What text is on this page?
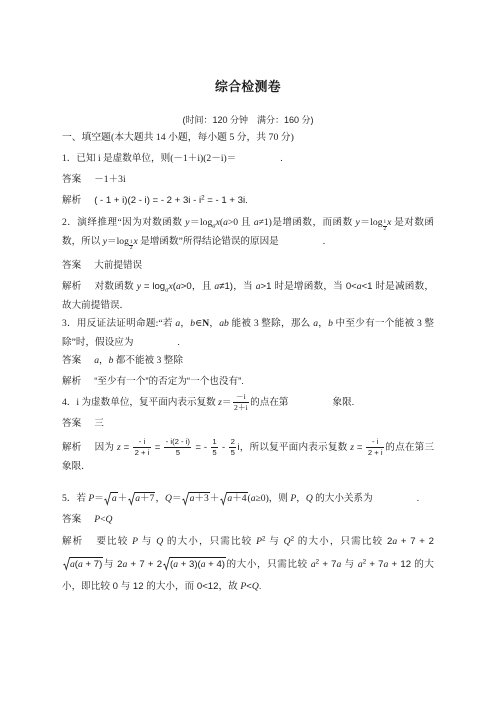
综合检测卷
(时间：120 分钟　满分：160 分)

一、填空题(本大题共 14 小题，每小题 5 分，共 70 分)

1．已知 i 是虚数单位，则(－1＋i)(2－i)＝	.

答案 －1＋3i

解析 ( - 1 + i)(2 - i) = - $2 + 3i - i^2$ = - 1 + 3i.

2．演绎推理“因为对数函数 $y=\log_ax(a>0$ 且 a≠1)是增函数，而函数 $y=\log \frac{1}{2}$ x 是对数函数，所以 $y=\log \frac{1}{2}$ x 是增函数”所得结论错误的原因是	.

答案 大前提错误

解析 对数函数 $y = \log_ax(a>0$，且 a≠1)，当 a>1 时是增函数，当 0<a<1 时是减函数，故大前提错误．

3．用反证法证明命题:“若 a，b∈N，ab 能被 3 整除，那么 a，b 中至少有一个能被 3 整除”时，假设应为	.

答案 a，b 都不能被 3 整除

解析 “至少有一个”的否定为“一个也没有”.

4．i 为虚数单位，复平面内表示复数 $z= \frac{-i}{2+i}$ 的点在第	象限.

答案 三

解析 因为 $z = \frac{- i}{2 + i} = \frac{- i(2 - i)}{5}$ = - $\frac{1}{5} - \frac{2}{5}$ i，所以复平面内表示复数 $z = \frac{- i}{2 + i}$ 的点在第三象限．

5．若 P＝ a＋ a＋7，Q＝ a＋3＋ a＋4(a≥0)，则 P，Q 的大小关系为	.

答案 P<Q

解析 要比较 P 与 Q 的大小，只需比较 $P^2$ 与 $Q^2$ 的大小，只需比较 2a + 7 + 2
a(a + 7)与 2a + 7 + 2 (a + 3)(a + 4)的大小，只需比较 $a^2 + 7a$ 与 $a^2 + 7a + 12$ 的大小，即比较 0 与 12 的大小，而 0<12，故 P<Q.
